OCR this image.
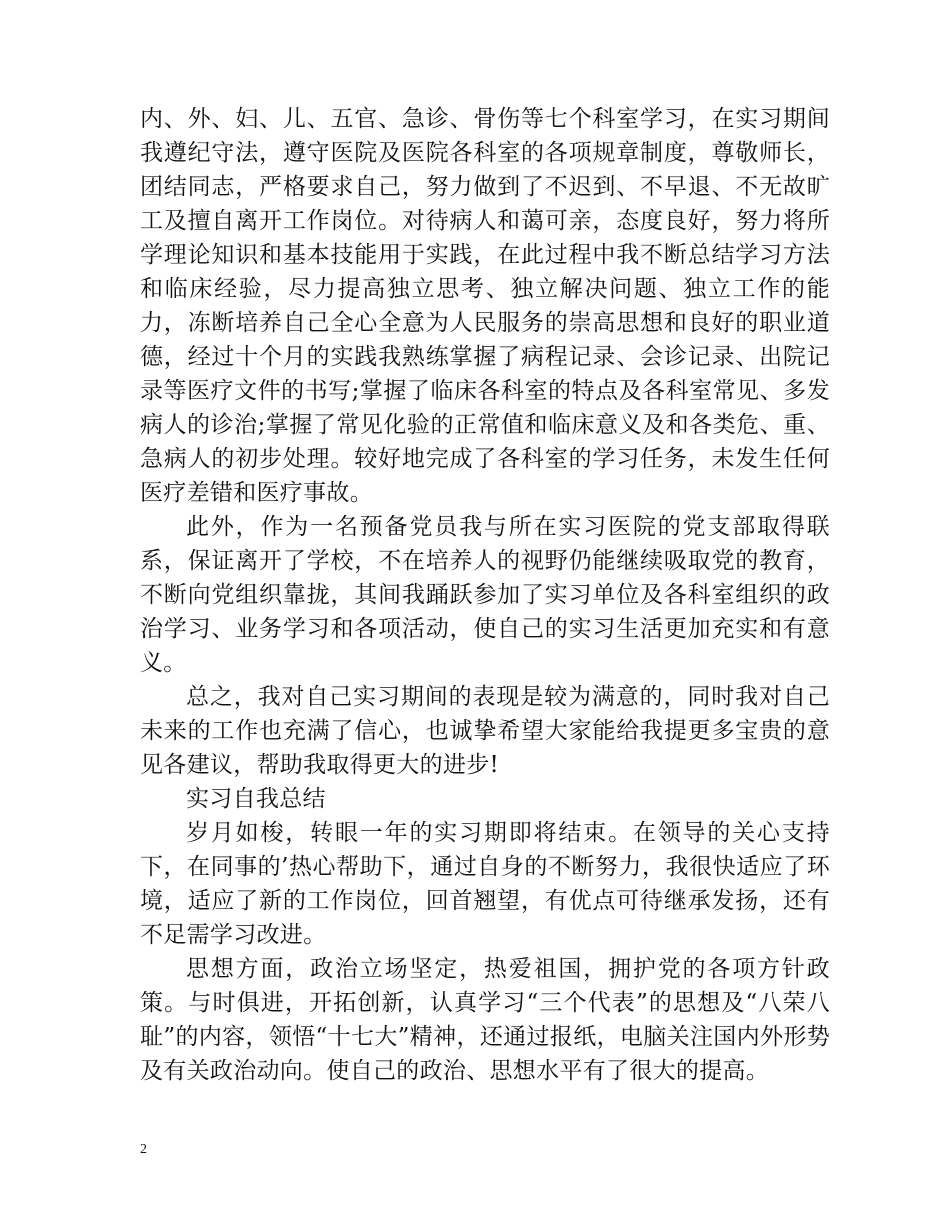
内、外、妇、儿、五官、急诊、骨伤等七个科室学习，在实习期间我遵纪守法，遵守医院及医院各科室的各项规章制度，尊敬师长，团结同志，严格要求自己，努力做到了不迟到、不早退、不无故旷工及擅自离开工作岗位。对待病人和蔼可亲，态度良好，努力将所学理论知识和基本技能用于实践，在此过程中我不断总结学习方法和临床经验，尽力提高独立思考、独立解决问题、独立工作的能力，冻断培养自己全心全意为人民服务的崇高思想和良好的职业道德，经过十个月的实践我熟练掌握了病程记录、会诊记录、出院记录等医疗文件的书写;掌握了临床各科室的特点及各科室常见、多发病人的诊治;掌握了常见化验的正常值和临床意义及和各类危、重、急病人的初步处理。较好地完成了各科室的学习任务，未发生任何医疗差错和医疗事故。

此外，作为一名预备党员我与所在实习医院的党支部取得联系，保证离开了学校，不在培养人的视野仍能继续吸取党的教育，不断向党组织靠拢，其间我踊跃参加了实习单位及各科室组织的政治学习、业务学习和各项活动，使自己的实习生活更加充实和有意义。

总之，我对自己实习期间的表现是较为满意的，同时我对自己未来的工作也充满了信心，也诚挚希望大家能给我提更多宝贵的意见各建议，帮助我取得更大的进步!

实习自我总结

岁月如梭，转眼一年的实习期即将结束。在领导的关心支持下，在同事的’热心帮助下，通过自身的不断努力，我很快适应了环境，适应了新的工作岗位，回首翘望，有优点可待继承发扬，还有不足需学习改进。

思想方面，政治立场坚定，热爱祖国，拥护党的各项方针政策。与时俱进，开拓创新，认真学习“三个代表”的思想及“八荣八耻”的内容，领悟“十七大”精神，还通过报纸，电脑关注国内外形势及有关政治动向。使自己的政治、思想水平有了很大的提高。

2
